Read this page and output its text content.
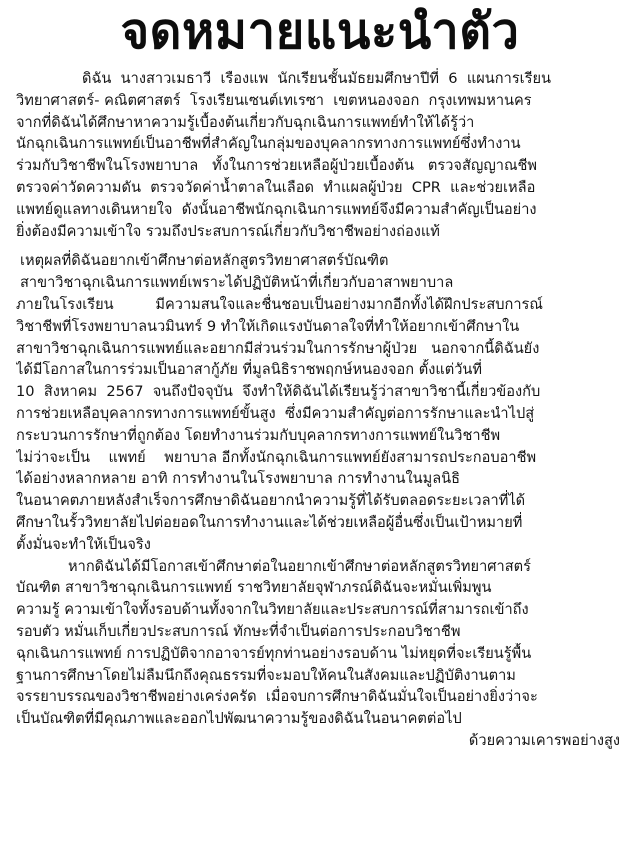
จดหมายแนะนำตัว
ดิฉัน  นางสาวเมธาวี  เรืองแพ  นักเรียนชั้นมัธยมศึกษาปีที่  6  แผนการเรียน
วิทยาศาสตร์- คณิตศาสตร์  โรงเรียนเซนต์เทเรซา  เขตหนองจอก  กรุงเทพมหานคร
จากที่ดิฉันได้ศึกษาหาความรู้เบื้องต้นเกี่ยวกับฉุกเฉินการแพทย์ทำให้ได้รู้ว่า
นักฉุกเฉินการแพทย์เป็นอาชีพที่สำคัญในกลุ่มของบุคลากรทางการแพทย์ซึ่งทำงาน
ร่วมกับวิชาชีพในโรงพยาบาล   ทั้งในการช่วยเหลือผู้ป่วยเบื้องต้น   ตรวจสัญญาณชีพ
ตรวจค่าวัดความดัน  ตรวจวัดค่าน้ำตาลในเลือด  ทำแผลผู้ป่วย  CPR  และช่วยเหลือ
แพทย์ดูแลทางเดินหายใจ  ดังนั้นอาชีพนักฉุกเฉินการแพทย์จึงมีความสำคัญเป็นอย่าง
ยิ่งต้องมีความเข้าใจ รวมถึงประสบการณ์เกี่ยวกับวิชาชีพอย่างถ่องแท้
เหตุผลที่ดิฉันอยากเข้าศึกษาต่อหลักสูตรวิทยาศาสตร์บัณฑิต
สาขาวิชาฉุกเฉินการแพทย์เพราะได้ปฏิบัติหน้าที่เกี่ยวกับอาสาพยาบาล
ภายในโรงเรียน         มีความสนใจและชื่นชอบเป็นอย่างมากอีกทั้งได้ฝึกประสบการณ์
วิชาชีพที่โรงพยาบาลนวมินทร์ 9 ทำให้เกิดแรงบันดาลใจที่ทำให้อยากเข้าศึกษาใน
สาขาวิชาฉุกเฉินการแพทย์และอยากมีส่วนร่วมในการรักษาผู้ป่วย   นอกจากนี้ดิฉันยัง
ได้มีโอกาสในการร่วมเป็นอาสากู้ภัย ที่มูลนิธิราชพฤกษ์หนองจอก ตั้งแต่วันที่
10  สิงหาคม  2567  จนถึงปัจจุบัน  จึงทำให้ดิฉันได้เรียนรู้ว่าสาขาวิชานี้เกี่ยวข้องกับ
การช่วยเหลือบุคลากรทางการแพทย์ขั้นสูง  ซึ่งมีความสำคัญต่อการรักษาและนำไปสู่
กระบวนการรักษาที่ถูกต้อง โดยทำงานร่วมกับบุคลากรทางการแพทย์ในวิชาชีพ
ไม่ว่าจะเป็น    แพทย์    พยาบาล อีกทั้งนักฉุกเฉินการแพทย์ยังสามารถประกอบอาชีพ
ได้อย่างหลากหลาย อาทิ การทำงานในโรงพยาบาล การทำงานในมูลนิธิ
ในอนาคตภายหลังสำเร็จการศึกษาดิฉันอยากนำความรู้ที่ได้รับตลอดระยะเวลาที่ได้
ศึกษาในรั้ววิทยาลัยไปต่อยอดในการทำงานและได้ช่วยเหลือผู้อื่นซึ่งเป็นเป้าหมายที่
ตั้งมั่นจะทำให้เป็นจริง
หากดิฉันได้มีโอกาสเข้าศึกษาต่อในอยากเข้าศึกษาต่อหลักสูตรวิทยาศาสตร์
บัณฑิต สาขาวิชาฉุกเฉินการแพทย์ ราชวิทยาลัยจุฬาภรณ์ดิฉันจะหมั่นเพิ่มพูน
ความรู้ ความเข้าใจทั้งรอบด้านทั้งจากในวิทยาลัยและประสบการณ์ที่สามารถเข้าถึง
รอบตัว หมั่นเก็บเกี่ยวประสบการณ์ ทักษะที่จำเป็นต่อการประกอบวิชาชีพ
ฉุกเฉินการแพทย์ การปฏิบัติจากอาจารย์ทุกท่านอย่างรอบด้าน ไม่หยุดที่จะเรียนรู้พื้น
ฐานการศึกษาโดยไม่ลืมนึกถึงคุณธรรมที่จะมอบให้คนในสังคมและปฏิบัติงานตาม
จรรยาบรรณของวิชาชีพอย่างเคร่งครัด  เมื่อจบการศึกษาดิฉันมั่นใจเป็นอย่างยิ่งว่าจะ
เป็นบัณฑิตที่มีคุณภาพและออกไปพัฒนาความรู้ของดิฉันในอนาคตต่อไป
ด้วยความเคารพอย่างสูง
